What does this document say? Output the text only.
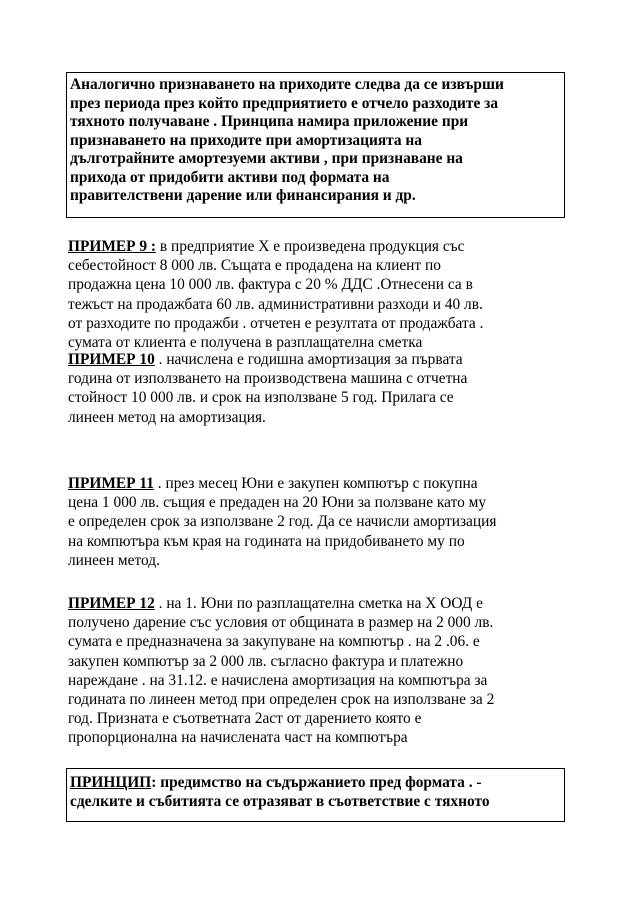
Аналогично признаването на приходите следва да се извърши
през периода през който предприятието е отчело разходите за
тяхното получаване . Принципа намира приложение при
признаването на приходите при амортизацията на
дълготрайните амортезуеми активи , при признаване на
прихода от придобити активи под формата на
правителствени дарение или финансирания и др.
ПРИМЕР 9 : в предприятие Х е произведена продукция със
себестойност 8 000 лв. Същата е продадена на клиент по
продажна цена 10 000 лв. фактура с 20 % ДДС .Отнесени са в
тежъст на продажбата 60 лв. административни разходи и 40 лв.
от разходите по продажби . отчетен е резултата от продажбата .
сумата от клиента е получена в разплащателна сметка
ПРИМЕР 10 . начислена е годишна амортизация за първата
година от използването на производствена машина с отчетна
стойност 10 000 лв. и срок на използване 5 год. Прилага се
линеен метод на амортизация.
ПРИМЕР 11 . през месец Юни е закупен компютър с покупна
цена 1 000 лв. същия е предаден на 20 Юни за ползване като му
е определен срок за използване 2 год. Да се начисли амортизация
на компютъра към края на годината на придобиването му по
линеен метод.
ПРИМЕР 12 . на 1. Юни по разплащателна сметка на Х ООД е
получено дарение със условия от общината в размер на 2 000 лв.
сумата е предназначена за закупуване на компютър . на 2 .06. е
закупен компютър за 2 000 лв. съгласно фактура и платежно
нареждане . на 31.12. е начислена амортизация на компютъра за
годината по линеен метод при определен срок на използване за 2
год. Призната е съответната 2аст от дарението която е
пропорционална на начислената част на компютъра
ПРИНЦИП: предимство на съдържанието пред формата . -
сделките и събитията се отразяват в съответствие с тяхното
